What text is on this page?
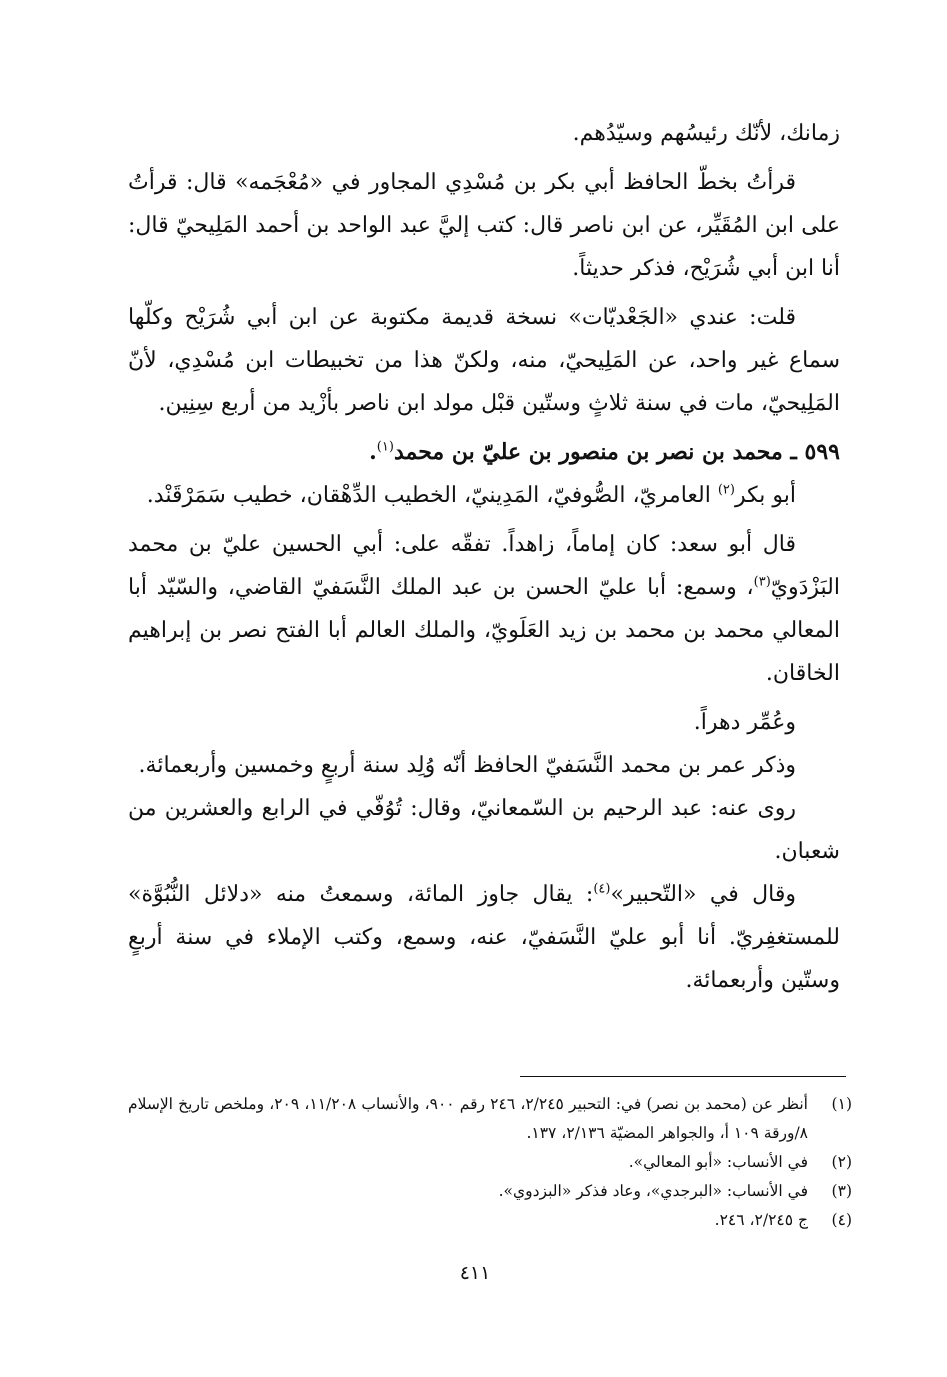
زمانك، لأنّك رئيسُهم وسيّدُهم.

قرأتُ بخطّ الحافظ أبي بكر بن مُسْدِي المجاور في «مُعْجَمه» قال: قرأتُ على ابن المُقَيِّر، عن ابن ناصر قال: كتب إليَّ عبد الواحد بن أحمد المَلِيحيّ قال: أنا ابن أبي شُرَيْح، فذكر حديثاً.

قلت: عندي «الجَعْديّات» نسخة قديمة مكتوبة عن ابن أبي شُرَيْح وكلّها سماع غير واحد، عن المَلِيحيّ، منه، ولكنّ هذا من تخبيطات ابن مُسْدِي، لأنّ المَلِيحيّ، مات في سنة ثلاثٍ وستّين قبْل مولد ابن ناصر بأزْيد من أربع سِنِين.

٥٩٩ ـ محمد بن نصر بن منصور بن عليّ بن محمد$^{(١)}$.

أبو بكر$^{(٢)}$ العامريّ، الصُّوفيّ، المَدِينيّ، الخطيب الدِّهْقان، خطيب سَمَرْقَنْد.

قال أبو سعد: كان إماماً، زاهداً. تفقّه على: أبي الحسين عليّ بن محمد البَزْدَويّ$^{(٣)}$، وسمع: أبا عليّ الحسن بن عبد الملك النَّسَفيّ القاضي، والسّيّد أبا المعالي محمد بن محمد بن زيد العَلَويّ، والملك العالم أبا الفتح نصر بن إبراهيم الخاقان.

وعُمِّر دهراً.

وذكر عمر بن محمد النَّسَفيّ الحافظ أنّه وُلِد سنة أربعٍ وخمسين وأربعمائة.

روى عنه: عبد الرحيم بن السّمعانيّ، وقال: تُوُفّي في الرابع والعشرين من شعبان.

وقال في «التّحبير»$^{(٤)}$: يقال جاوز المائة، وسمعتُ منه «دلائل النُّبُوَّة» للمستغفِريّ. أنا أبو عليّ النَّسَفيّ، عنه، وسمع، وكتب الإملاء في سنة أربعٍ وستّين وأربعمائة.

(١)
أنظر عن (محمد بن نصر) في: التحبير ٢/٢٤٥، ٢٤٦ رقم ٩٠٠، والأنساب ١١/٢٠٨، ٢٠٩، وملخص تاريخ الإسلام ٨/ورقة ١٠٩ أ، والجواهر المضيّة ٢/١٣٦، ١٣٧.
(٢)
في الأنساب: «أبو المعالي».
(٣)
في الأنساب: «البرجدي»، وعاد فذكر «البزدوي».
(٤)
ج ٢/٢٤٥، ٢٤٦.
٤١١
